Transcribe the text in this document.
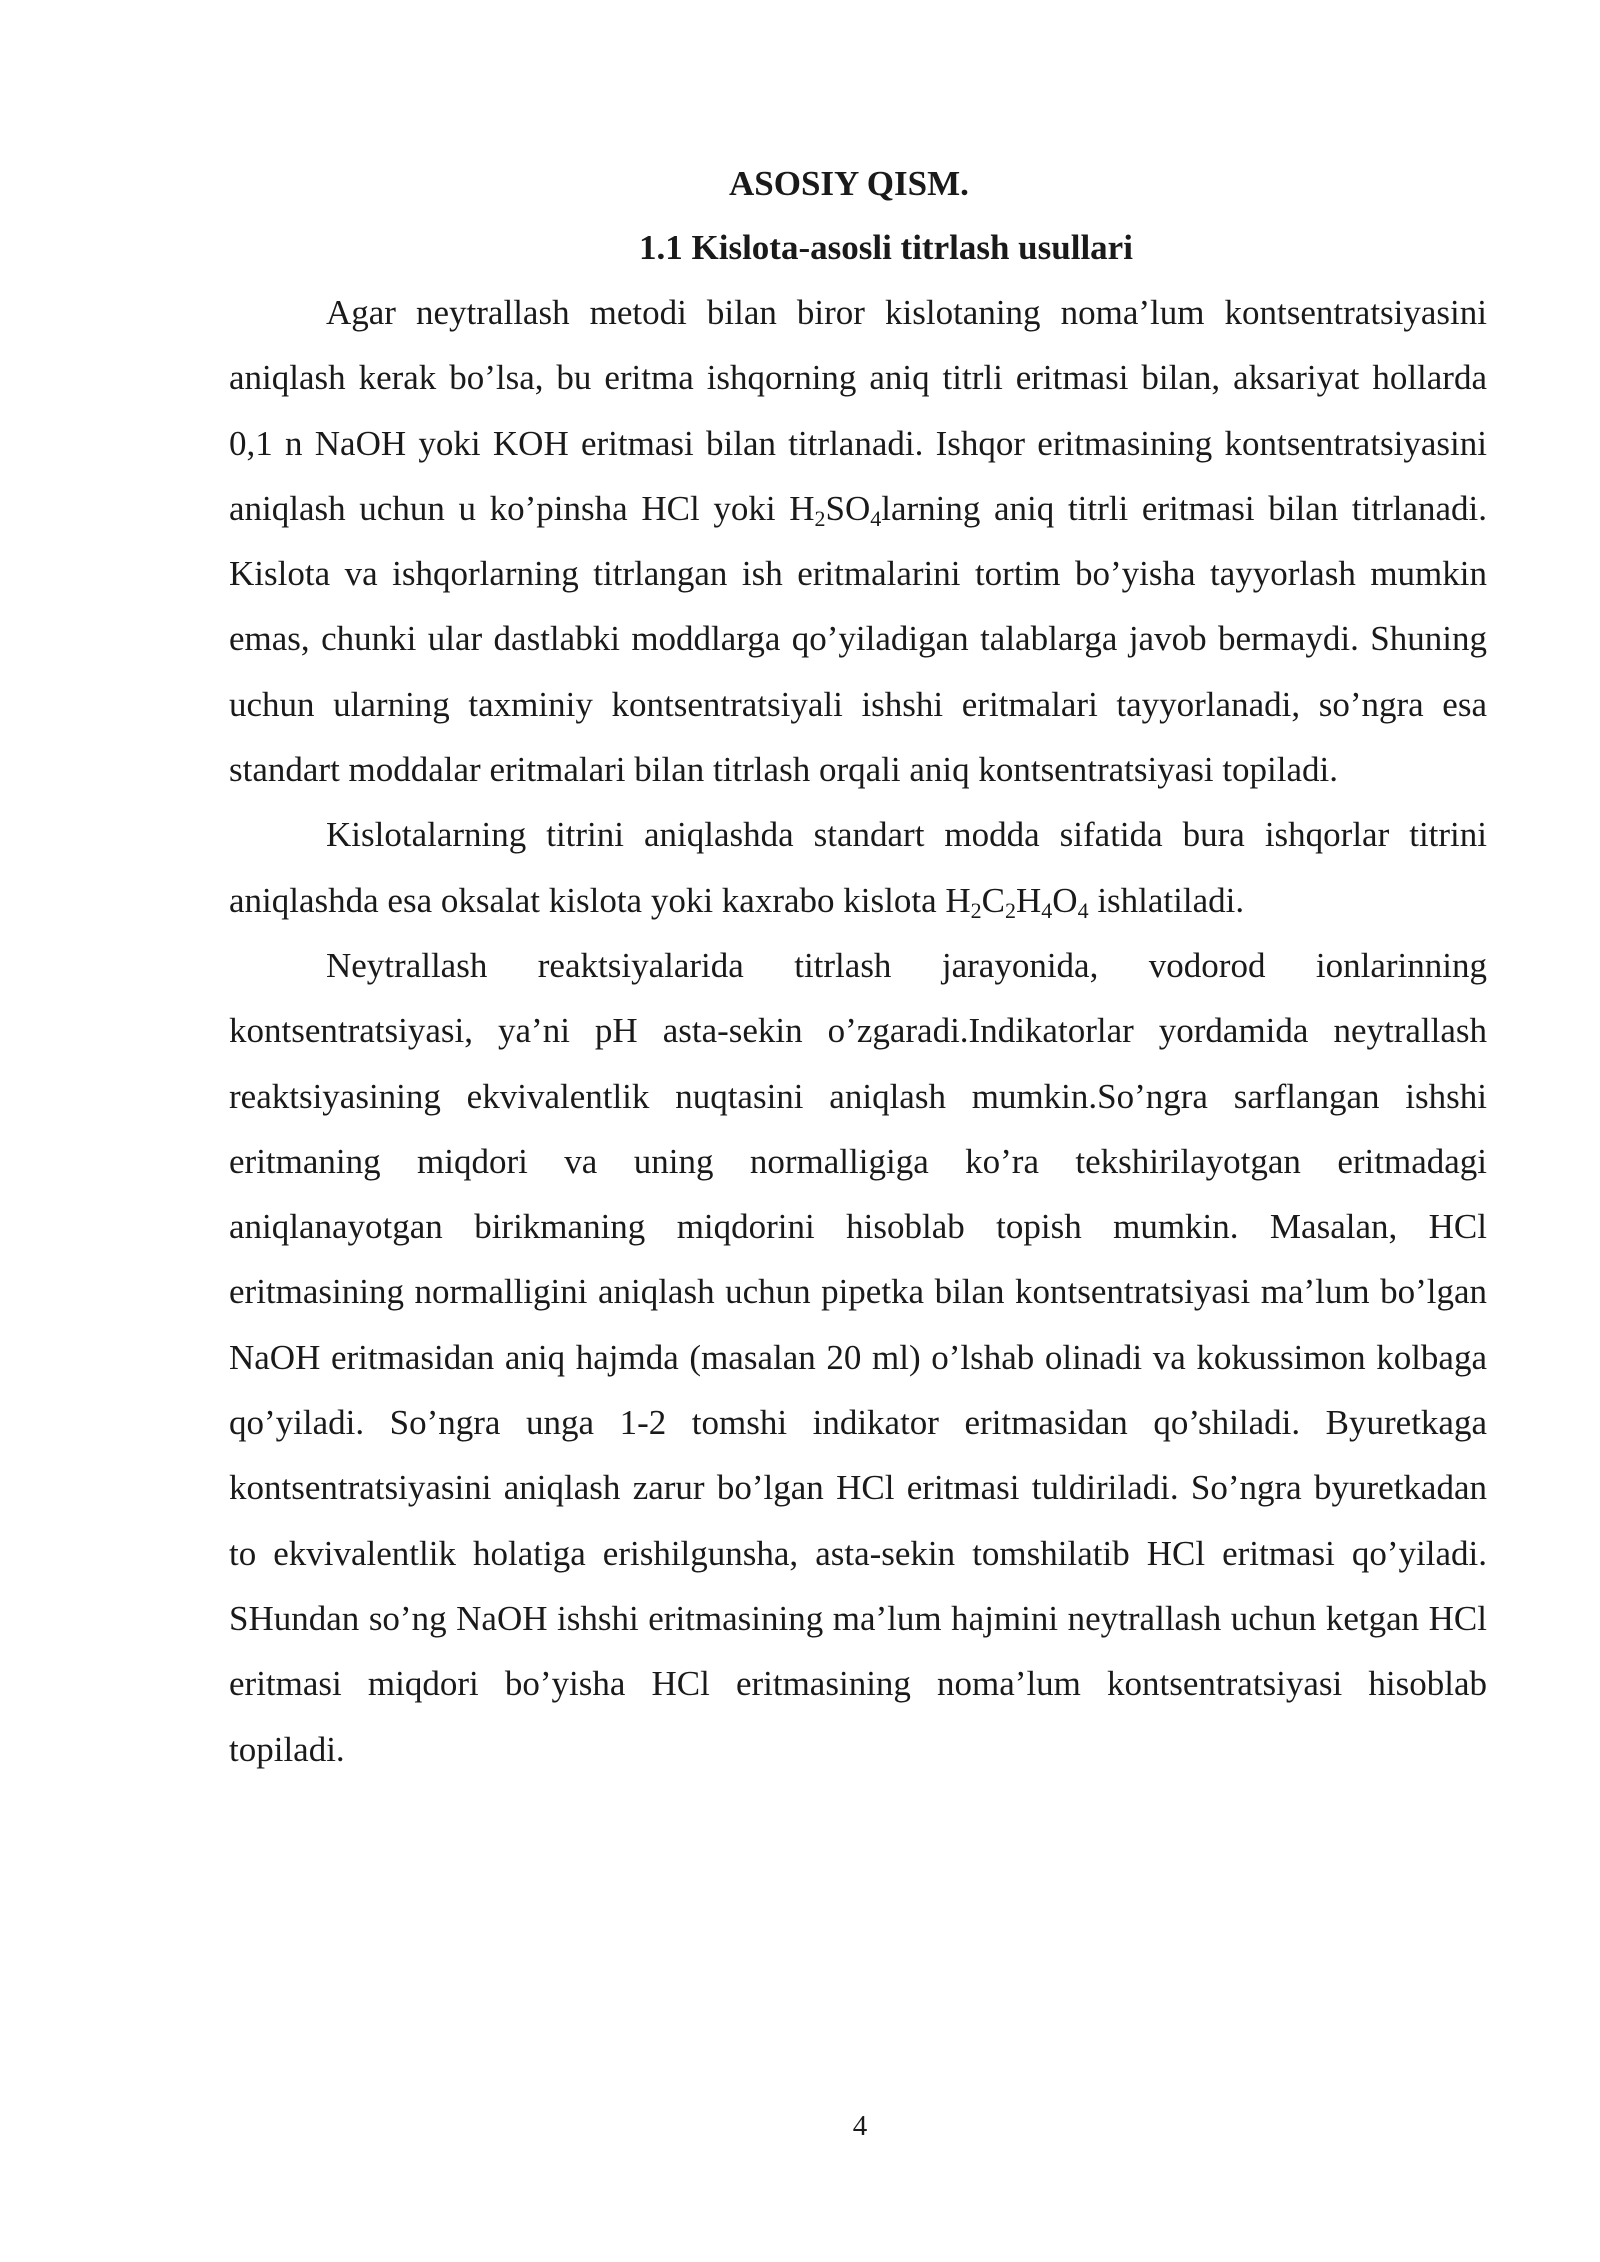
ASOSIY QISM.

1.1 Kislota-asosli titrlash usullari

Agar neytrallash metodi bilan biror kislotaning noma’lum kontsentratsiyasini aniqlash kerak bo’lsa, bu eritma ishqorning aniq titrli eritmasi bilan, aksariyat hollarda 0,1 n NaOH yoki KOH eritmasi bilan titrlanadi. Ishqor eritmasining kontsentratsiyasini aniqlash uchun u ko’pinsha HCl yoki $H_2SO_4larning$ aniq titrli eritmasi bilan titrlanadi. Kislota va ishqorlarning titrlangan ish eritmalarini tortim bo’yisha tayyorlash mumkin emas, chunki ular dastlabki moddlarga qo’yiladigan talablarga javob bermaydi. Shuning uchun ularning taxminiy kontsentratsiyali ishshi eritmalari tayyorlanadi, so’ngra esa standart moddalar eritmalari bilan titrlash orqali aniq kontsentratsiyasi topiladi.

Kislotalarning titrini aniqlashda standart modda sifatida bura ishqorlar titrini aniqlashda esa oksalat kislota yoki kaxrabo kislota $H_2C_2H_4O_4$ ishlatiladi.

Neytrallash reaktsiyalarida titrlash jarayonida, vodorod ionlarinning kontsentratsiyasi, ya’ni pH asta-sekin o’zgaradi.Indikatorlar yordamida neytrallash reaktsiyasining ekvivalentlik nuqtasini aniqlash mumkin.So’ngra sarflangan ishshi eritmaning miqdori va uning normalligiga ko’ra tekshirilayotgan eritmadagi aniqlanayotgan birikmaning miqdorini hisoblab topish mumkin. Masalan, HCl eritmasining normalligini aniqlash uchun pipetka bilan kontsentratsiyasi ma’lum bo’lgan NaOH eritmasidan aniq hajmda (masalan 20 ml) o’lshab olinadi va kokussimon kolbaga qo’yiladi. So’ngra unga 1-2 tomshi indikator eritmasidan qo’shiladi. Byuretkaga kontsentratsiyasini aniqlash zarur bo’lgan HCl eritmasi tuldiriladi. So’ngra byuretkadan to ekvivalentlik holatiga erishilgunsha, asta-sekin tomshilatib HCl eritmasi qo’yiladi. SHundan so’ng NaOH ishshi eritmasining ma’lum hajmini neytrallash uchun ketgan HCl eritmasi miqdori bo’yisha HCl eritmasining noma’lum kontsentratsiyasi hisoblab topiladi.

4
